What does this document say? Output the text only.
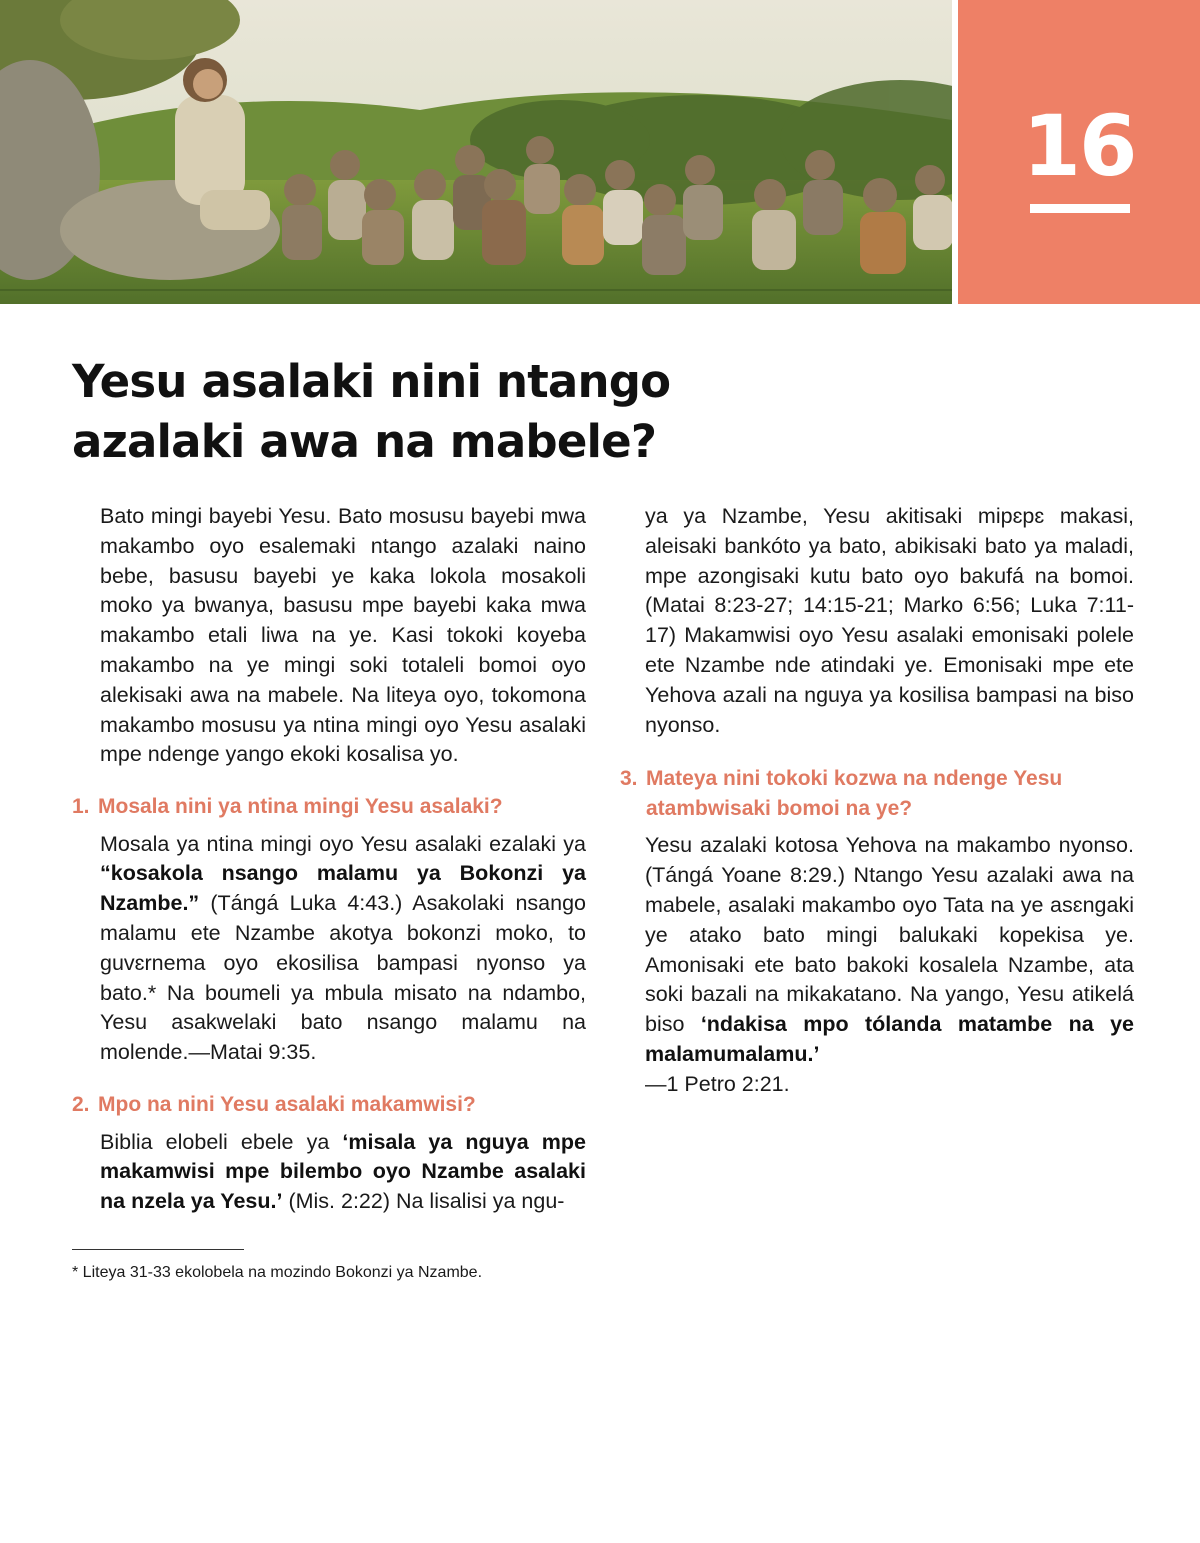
16
Yesu asalaki nini ntango
azalaki awa na mabele?

Bato mingi bayebi Yesu. Bato mosusu bayebi mwa makambo oyo esalemaki ntango azalaki naino bebe, basusu bayebi ye kaka lokola mosakoli moko ya bwanya, basusu mpe bayebi kaka mwa makambo etali liwa na ye. Kasi tokoki koyeba makambo na ye mingi soki totaleli bomoi oyo alekisaki awa na mabele. Na liteya oyo, tokomona makambo mosusu ya ntina mingi oyo Yesu asalaki mpe ndenge yango ekoki kosalisa yo.

1. Mosala nini ya ntina mingi Yesu asalaki?

Mosala ya ntina mingi oyo Yesu asalaki ezalaki ya “kosakola nsango malamu ya Bokonzi ya Nzambe.” (Tángá Luka 4:43.) Asakolaki nsango malamu ete Nzambe akotya bokonzi moko, to guvɛrnema oyo ekosilisa bampasi nyonso ya bato.* Na boumeli ya mbula misato na ndambo, Yesu asakwelaki bato nsango malamu na molende.—Matai 9:35.

2. Mpo na nini Yesu asalaki makamwisi?

Biblia elobeli ebele ya ‘misala ya nguya mpe makamwisi mpe bilembo oyo Nzambe asalaki na nzela ya Yesu.’ (Mis. 2:22) Na lisalisi ya ngu-

ya ya Nzambe, Yesu akitisaki mipɛpɛ makasi, aleisaki bankóto ya bato, abikisaki bato ya maladi, mpe azongisaki kutu bato oyo bakufá na bomoi. (Matai 8:23-27; 14:15-21; Marko 6:56; Luka 7:11-17) Makamwisi oyo Yesu asalaki emonisaki polele ete Nzambe nde atindaki ye. Emonisaki mpe ete Yehova azali na nguya ya kosilisa bampasi na biso nyonso.

3. Mateya nini tokoki kozwa na ndenge Yesu
atambwisaki bomoi na ye?

Yesu azalaki kotosa Yehova na makambo nyonso. (Tángá Yoane 8:29.) Ntango Yesu azalaki awa na mabele, asalaki makambo oyo Tata na ye asɛngaki ye atako bato mingi balukaki kopekisa ye. Amonisaki ete bato bakoki kosalela Nzambe, ata soki bazali na mikakatano. Na yango, Yesu atikelá biso ‘ndakisa mpo tólanda matambe na ye malamumalamu.’
—1 Petro 2:21.

* Liteya 31-33 ekolobela na mozindo Bokonzi ya Nzambe.
